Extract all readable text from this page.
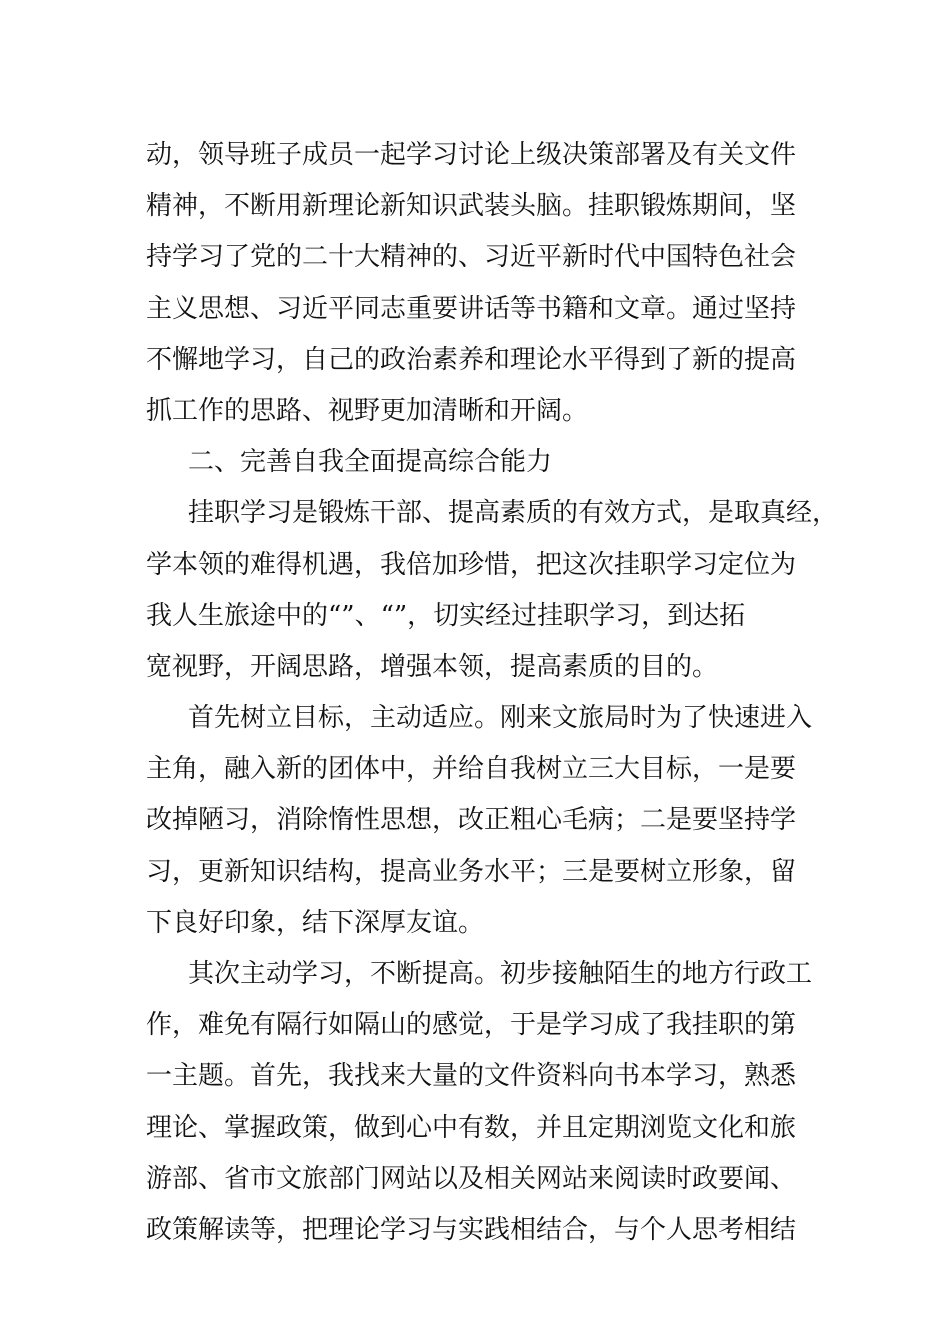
动，领导班子成员一起学习讨论上级决策部署及有关文件
精神，不断用新理论新知识武装头脑。挂职锻炼期间，坚
持学习了党的二十大精神的、习近平新时代中国特色社会
主义思想、习近平同志重要讲话等书籍和文章。通过坚持
不懈地学习，自己的政治素养和理论水平得到了新的提高
抓工作的思路、视野更加清晰和开阔。
二、完善自我全面提高综合能力
挂职学习是锻炼干部、提高素质的有效方式，是取真经，
学本领的难得机遇，我倍加珍惜，把这次挂职学习定位为
我人生旅途中的“”、“”，切实经过挂职学习，到达拓
宽视野，开阔思路，增强本领，提高素质的目的。
首先树立目标，主动适应。刚来文旅局时为了快速进入
主角，融入新的团体中，并给自我树立三大目标，一是要
改掉陋习，消除惰性思想，改正粗心毛病；二是要坚持学
习，更新知识结构，提高业务水平；三是要树立形象，留
下良好印象，结下深厚友谊。
其次主动学习，不断提高。初步接触陌生的地方行政工
作，难免有隔行如隔山的感觉，于是学习成了我挂职的第
一主题。首先，我找来大量的文件资料向书本学习，熟悉
理论、掌握政策，做到心中有数，并且定期浏览文化和旅
游部、省市文旅部门网站以及相关网站来阅读时政要闻、
政策解读等，把理论学习与实践相结合，与个人思考相结
